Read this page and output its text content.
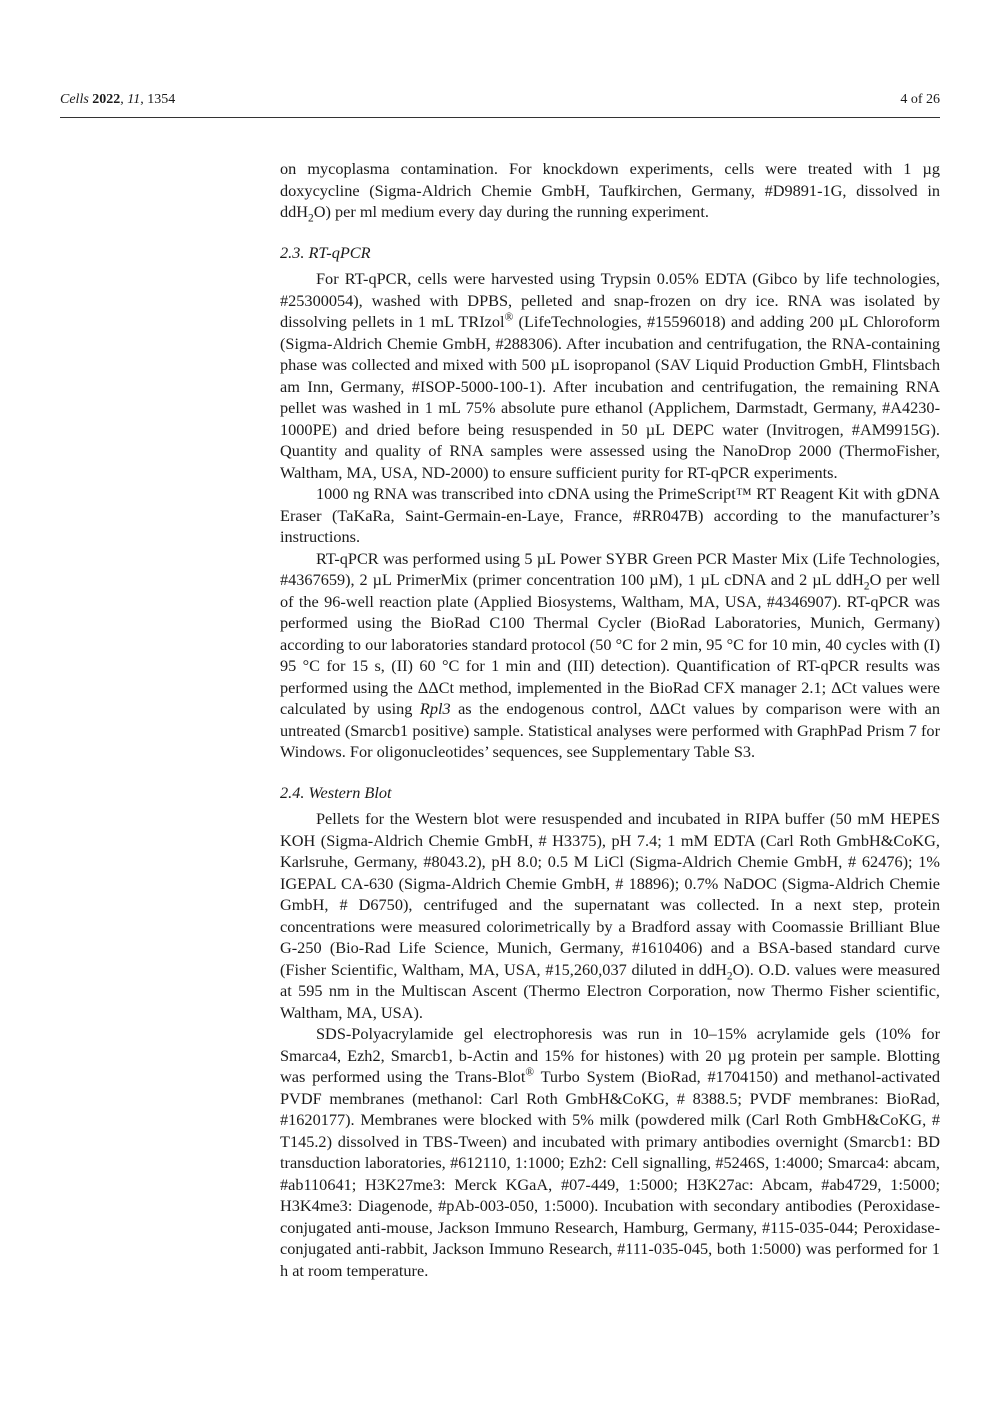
Cells 2022, 11, 1354	4 of 26

on mycoplasma contamination. For knockdown experiments, cells were treated with 1 µg doxycycline (Sigma-Aldrich Chemie GmbH, Taufkirchen, Germany, #D9891-1G, dissolved in ddH$_2$O) per ml medium every day during the running experiment.

2.3. RT-qPCR

For RT-qPCR, cells were harvested using Trypsin 0.05% EDTA (Gibco by life technologies, #25300054), washed with DPBS, pelleted and snap-frozen on dry ice. RNA was isolated by dissolving pellets in 1 mL TRIzol® (LifeTechnologies, #15596018) and adding 200 µL Chloroform (Sigma-Aldrich Chemie GmbH, #288306). After incubation and centrifugation, the RNA-containing phase was collected and mixed with 500 µL isopropanol (SAV Liquid Production GmbH, Flintsbach am Inn, Germany, #ISOP-5000-100-1). After incubation and centrifugation, the remaining RNA pellet was washed in 1 mL 75% absolute pure ethanol (Applichem, Darmstadt, Germany, #A4230-1000PE) and dried before being resuspended in 50 µL DEPC water (Invitrogen, #AM9915G). Quantity and quality of RNA samples were assessed using the NanoDrop 2000 (ThermoFisher, Waltham, MA, USA, ND-2000) to ensure sufficient purity for RT-qPCR experiments.

1000 ng RNA was transcribed into cDNA using the PrimeScript™ RT Reagent Kit with gDNA Eraser (TaKaRa, Saint-Germain-en-Laye, France, #RR047B) according to the manufacturer’s instructions.

RT-qPCR was performed using 5 µL Power SYBR Green PCR Master Mix (Life Technologies, #4367659), 2 µL PrimerMix (primer concentration 100 µM), 1 µL cDNA and 2 µL ddH$_2$O per well of the 96-well reaction plate (Applied Biosystems, Waltham, MA, USA, #4346907). RT-qPCR was performed using the BioRad C100 Thermal Cycler (BioRad Laboratories, Munich, Germany) according to our laboratories standard protocol (50 °C for 2 min, 95 °C for 10 min, 40 cycles with (I) 95 °C for 15 s, (II) 60 °C for 1 min and (III) detection). Quantification of RT-qPCR results was performed using the ΔΔCt method, implemented in the BioRad CFX manager 2.1; ΔCt values were calculated by using Rpl3 as the endogenous control, ΔΔCt values by comparison were with an untreated (Smarcb1 positive) sample. Statistical analyses were performed with GraphPad Prism 7 for Windows. For oligonucleotides’ sequences, see Supplementary Table S3.

2.4. Western Blot

Pellets for the Western blot were resuspended and incubated in RIPA buffer (50 mM HEPES KOH (Sigma-Aldrich Chemie GmbH, # H3375), pH 7.4; 1 mM EDTA (Carl Roth GmbH&CoKG, Karlsruhe, Germany, #8043.2), pH 8.0; 0.5 M LiCl (Sigma-Aldrich Chemie GmbH, # 62476); 1% IGEPAL CA-630 (Sigma-Aldrich Chemie GmbH, # 18896); 0.7% NaDOC (Sigma-Aldrich Chemie GmbH, # D6750), centrifuged and the supernatant was collected. In a next step, protein concentrations were measured colorimetrically by a Bradford assay with Coomassie Brilliant Blue G-250 (Bio-Rad Life Science, Munich, Germany, #1610406) and a BSA-based standard curve (Fisher Scientific, Waltham, MA, USA, #15,260,037 diluted in ddH$_2$O). O.D. values were measured at 595 nm in the Multiscan Ascent (Thermo Electron Corporation, now Thermo Fisher scientific, Waltham, MA, USA).

SDS-Polyacrylamide gel electrophoresis was run in 10–15% acrylamide gels (10% for Smarca4, Ezh2, Smarcb1, b-Actin and 15% for histones) with 20 µg protein per sample. Blotting was performed using the Trans-Blot® Turbo System (BioRad, #1704150) and methanol-activated PVDF membranes (methanol: Carl Roth GmbH&CoKG, # 8388.5; PVDF membranes: BioRad, #1620177). Membranes were blocked with 5% milk (powdered milk (Carl Roth GmbH&CoKG, # T145.2) dissolved in TBS-Tween) and incubated with primary antibodies overnight (Smarcb1: BD transduction laboratories, #612110, 1:1000; Ezh2: Cell signalling, #5246S, 1:4000; Smarca4: abcam, #ab110641; H3K27me3: Merck KGaA, #07-449, 1:5000; H3K27ac: Abcam, #ab4729, 1:5000; H3K4me3: Diagenode, #pAb-003-050, 1:5000). Incubation with secondary antibodies (Peroxidase-conjugated anti-mouse, Jackson Immuno Research, Hamburg, Germany, #115-035-044; Peroxidase-conjugated anti-rabbit, Jackson Immuno Research, #111-035-045, both 1:5000) was performed for 1 h at room temperature.
